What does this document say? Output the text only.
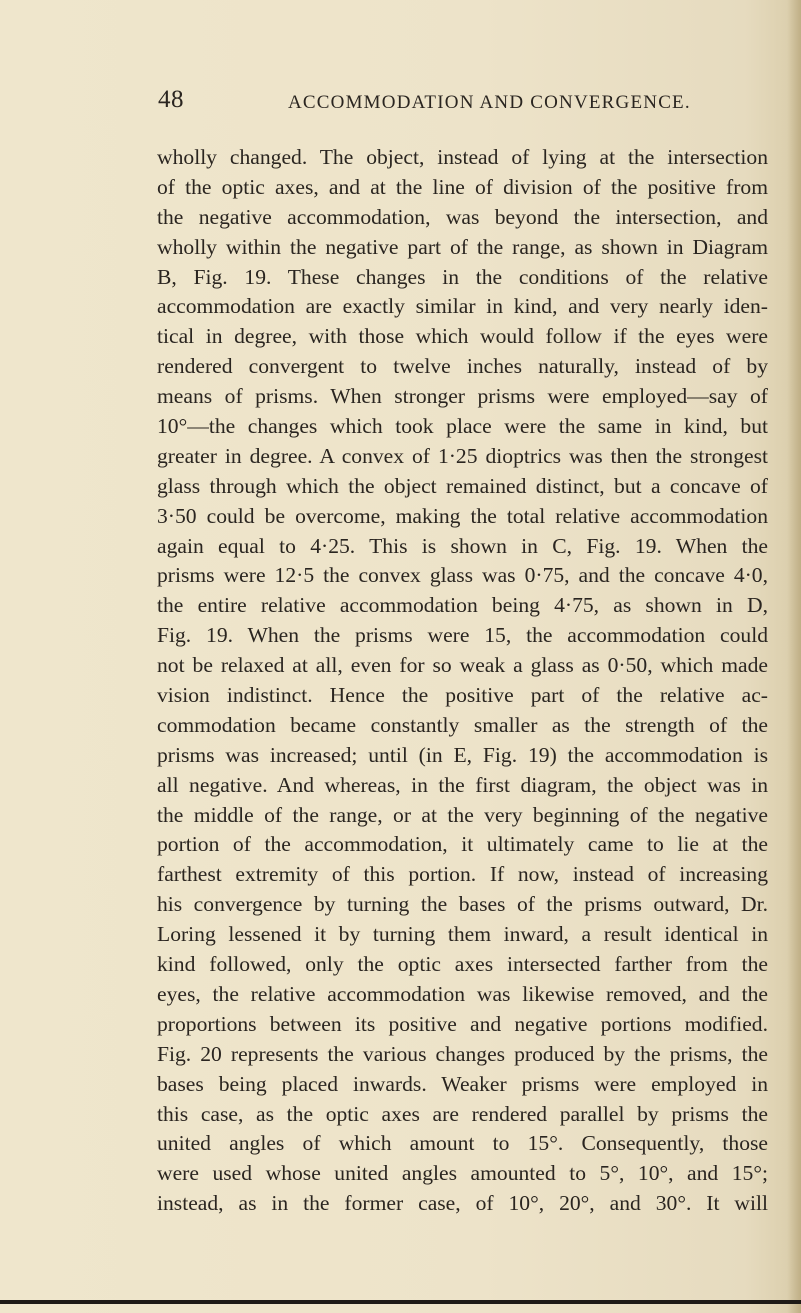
48	ACCOMMODATION AND CONVERGENCE.
wholly changed. The object, instead of lying at the intersection
of the optic axes, and at the line of division of the positive from
the negative accommodation, was beyond the intersection, and
wholly within the negative part of the range, as shown in Diagram
B, Fig. 19. These changes in the conditions of the relative
accommodation are exactly similar in kind, and very nearly iden-
tical in degree, with those which would follow if the eyes were
rendered convergent to twelve inches naturally, instead of by
means of prisms. When stronger prisms were employed—say of
10°—the changes which took place were the same in kind, but
greater in degree. A convex of 1·25 dioptrics was then the strongest
glass through which the object remained distinct, but a concave of
3·50 could be overcome, making the total relative accommodation
again equal to 4·25. This is shown in C, Fig. 19. When the
prisms were 12·5 the convex glass was 0·75, and the concave 4·0,
the entire relative accommodation being 4·75, as shown in D,
Fig. 19. When the prisms were 15, the accommodation could
not be relaxed at all, even for so weak a glass as 0·50, which made
vision indistinct. Hence the positive part of the relative ac-
commodation became constantly smaller as the strength of the
prisms was increased; until (in E, Fig. 19) the accommodation is
all negative. And whereas, in the first diagram, the object was in
the middle of the range, or at the very beginning of the negative
portion of the accommodation, it ultimately came to lie at the
farthest extremity of this portion. If now, instead of increasing
his convergence by turning the bases of the prisms outward, Dr.
Loring lessened it by turning them inward, a result identical in
kind followed, only the optic axes intersected farther from the
eyes, the relative accommodation was likewise removed, and the
proportions between its positive and negative portions modified.
Fig. 20 represents the various changes produced by the prisms, the
bases being placed inwards. Weaker prisms were employed in
this case, as the optic axes are rendered parallel by prisms the
united angles of which amount to 15°. Consequently, those
were used whose united angles amounted to 5°, 10°, and 15°;
instead, as in the former case, of 10°, 20°, and 30°. It will
